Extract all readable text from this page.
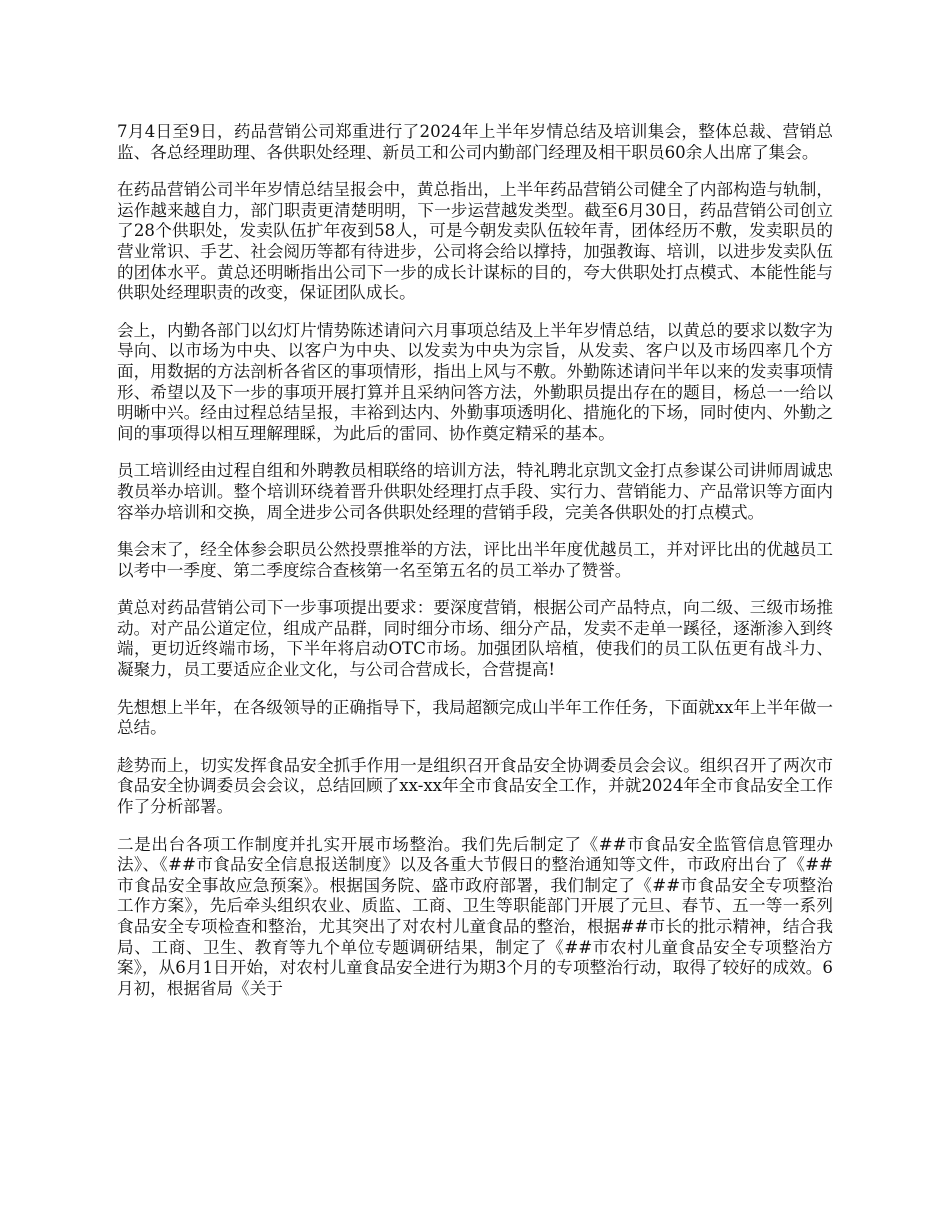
7月4日至9日，药品营销公司郑重进行了2024年上半年岁情总结及培训集会，整体总裁、营销总监、各总经理助理、各供职处经理、新员工和公司内勤部门经理及相干职员60余人出席了集会。

在药品营销公司半年岁情总结呈报会中，黄总指出，上半年药品营销公司健全了内部构造与轨制，运作越来越自力，部门职责更清楚明明，下一步运营越发类型。截至6月30日，药品营销公司创立了28个供职处，发卖队伍扩年夜到58人，可是今朝发卖队伍较年青，团体经历不敷，发卖职员的营业常识、手艺、社会阅历等都有待进步，公司将会给以撑持，加强教诲、培训，以进步发卖队伍的团体水平。黄总还明晰指出公司下一步的成长计谋标的目的，夸大供职处打点模式、本能性能与供职处经理职责的改变，保证团队成长。

会上，内勤各部门以幻灯片情势陈述请问六月事项总结及上半年岁情总结，以黄总的要求以数字为导向、以市场为中央、以客户为中央、以发卖为中央为宗旨，从发卖、客户以及市场四率几个方面，用数据的方法剖析各省区的事项情形，指出上风与不敷。外勤陈述请问半年以来的发卖事项情形、希望以及下一步的事项开展打算并且采纳问答方法，外勤职员提出存在的题目，杨总一一给以明晰中兴。经由过程总结呈报，丰裕到达内、外勤事项透明化、措施化的下场，同时使内、外勤之间的事项得以相互理解理睬，为此后的雷同、协作奠定精采的基本。

员工培训经由过程自组和外聘教员相联络的培训方法，特礼聘北京凯文金打点参谋公司讲师周诚忠教员举办培训。整个培训环绕着晋升供职处经理打点手段、实行力、营销能力、产品常识等方面内容举办培训和交换，周全进步公司各供职处经理的营销手段，完美各供职处的打点模式。

集会末了，经全体参会职员公然投票推举的方法，评比出半年度优越员工，并对评比出的优越员工以考中一季度、第二季度综合查核第一名至第五名的员工举办了赞誉。

黄总对药品营销公司下一步事项提出要求：要深度营销，根据公司产品特点，向二级、三级市场推动。对产品公道定位，组成产品群，同时细分市场、细分产品，发卖不走单一蹊径，逐渐渗入到终端，更切近终端市场，下半年将启动OTC市场。加强团队培植，使我们的员工队伍更有战斗力、凝聚力，员工要适应企业文化，与公司合营成长，合营提高!

先想想上半年，在各级领导的正确指导下，我局超额完成山半年工作任务，下面就xx年上半年做一总结。

趁势而上，切实发挥食品安全抓手作用一是组织召开食品安全协调委员会会议。组织召开了两次市食品安全协调委员会会议，总结回顾了xx-xx年全市食品安全工作，并就2024年全市食品安全工作作了分析部署。

二是出台各项工作制度并扎实开展市场整治。我们先后制定了《##市食品安全监管信息管理办法》、《##市食品安全信息报送制度》以及各重大节假日的整治通知等文件，市政府出台了《##市食品安全事故应急预案》。根据国务院、盛市政府部署，我们制定了《##市食品安全专项整治工作方案》，先后牵头组织农业、质监、工商、卫生等职能部门开展了元旦、春节、五一等一系列食品安全专项检查和整治，尤其突出了对农村儿童食品的整治，根据##市长的批示精神，结合我局、工商、卫生、教育等九个单位专题调研结果，制定了《##市农村儿童食品安全专项整治方案》，从6月1日开始，对农村儿童食品安全进行为期3个月的专项整治行动，取得了较好的成效。6月初，根据省局《关于
